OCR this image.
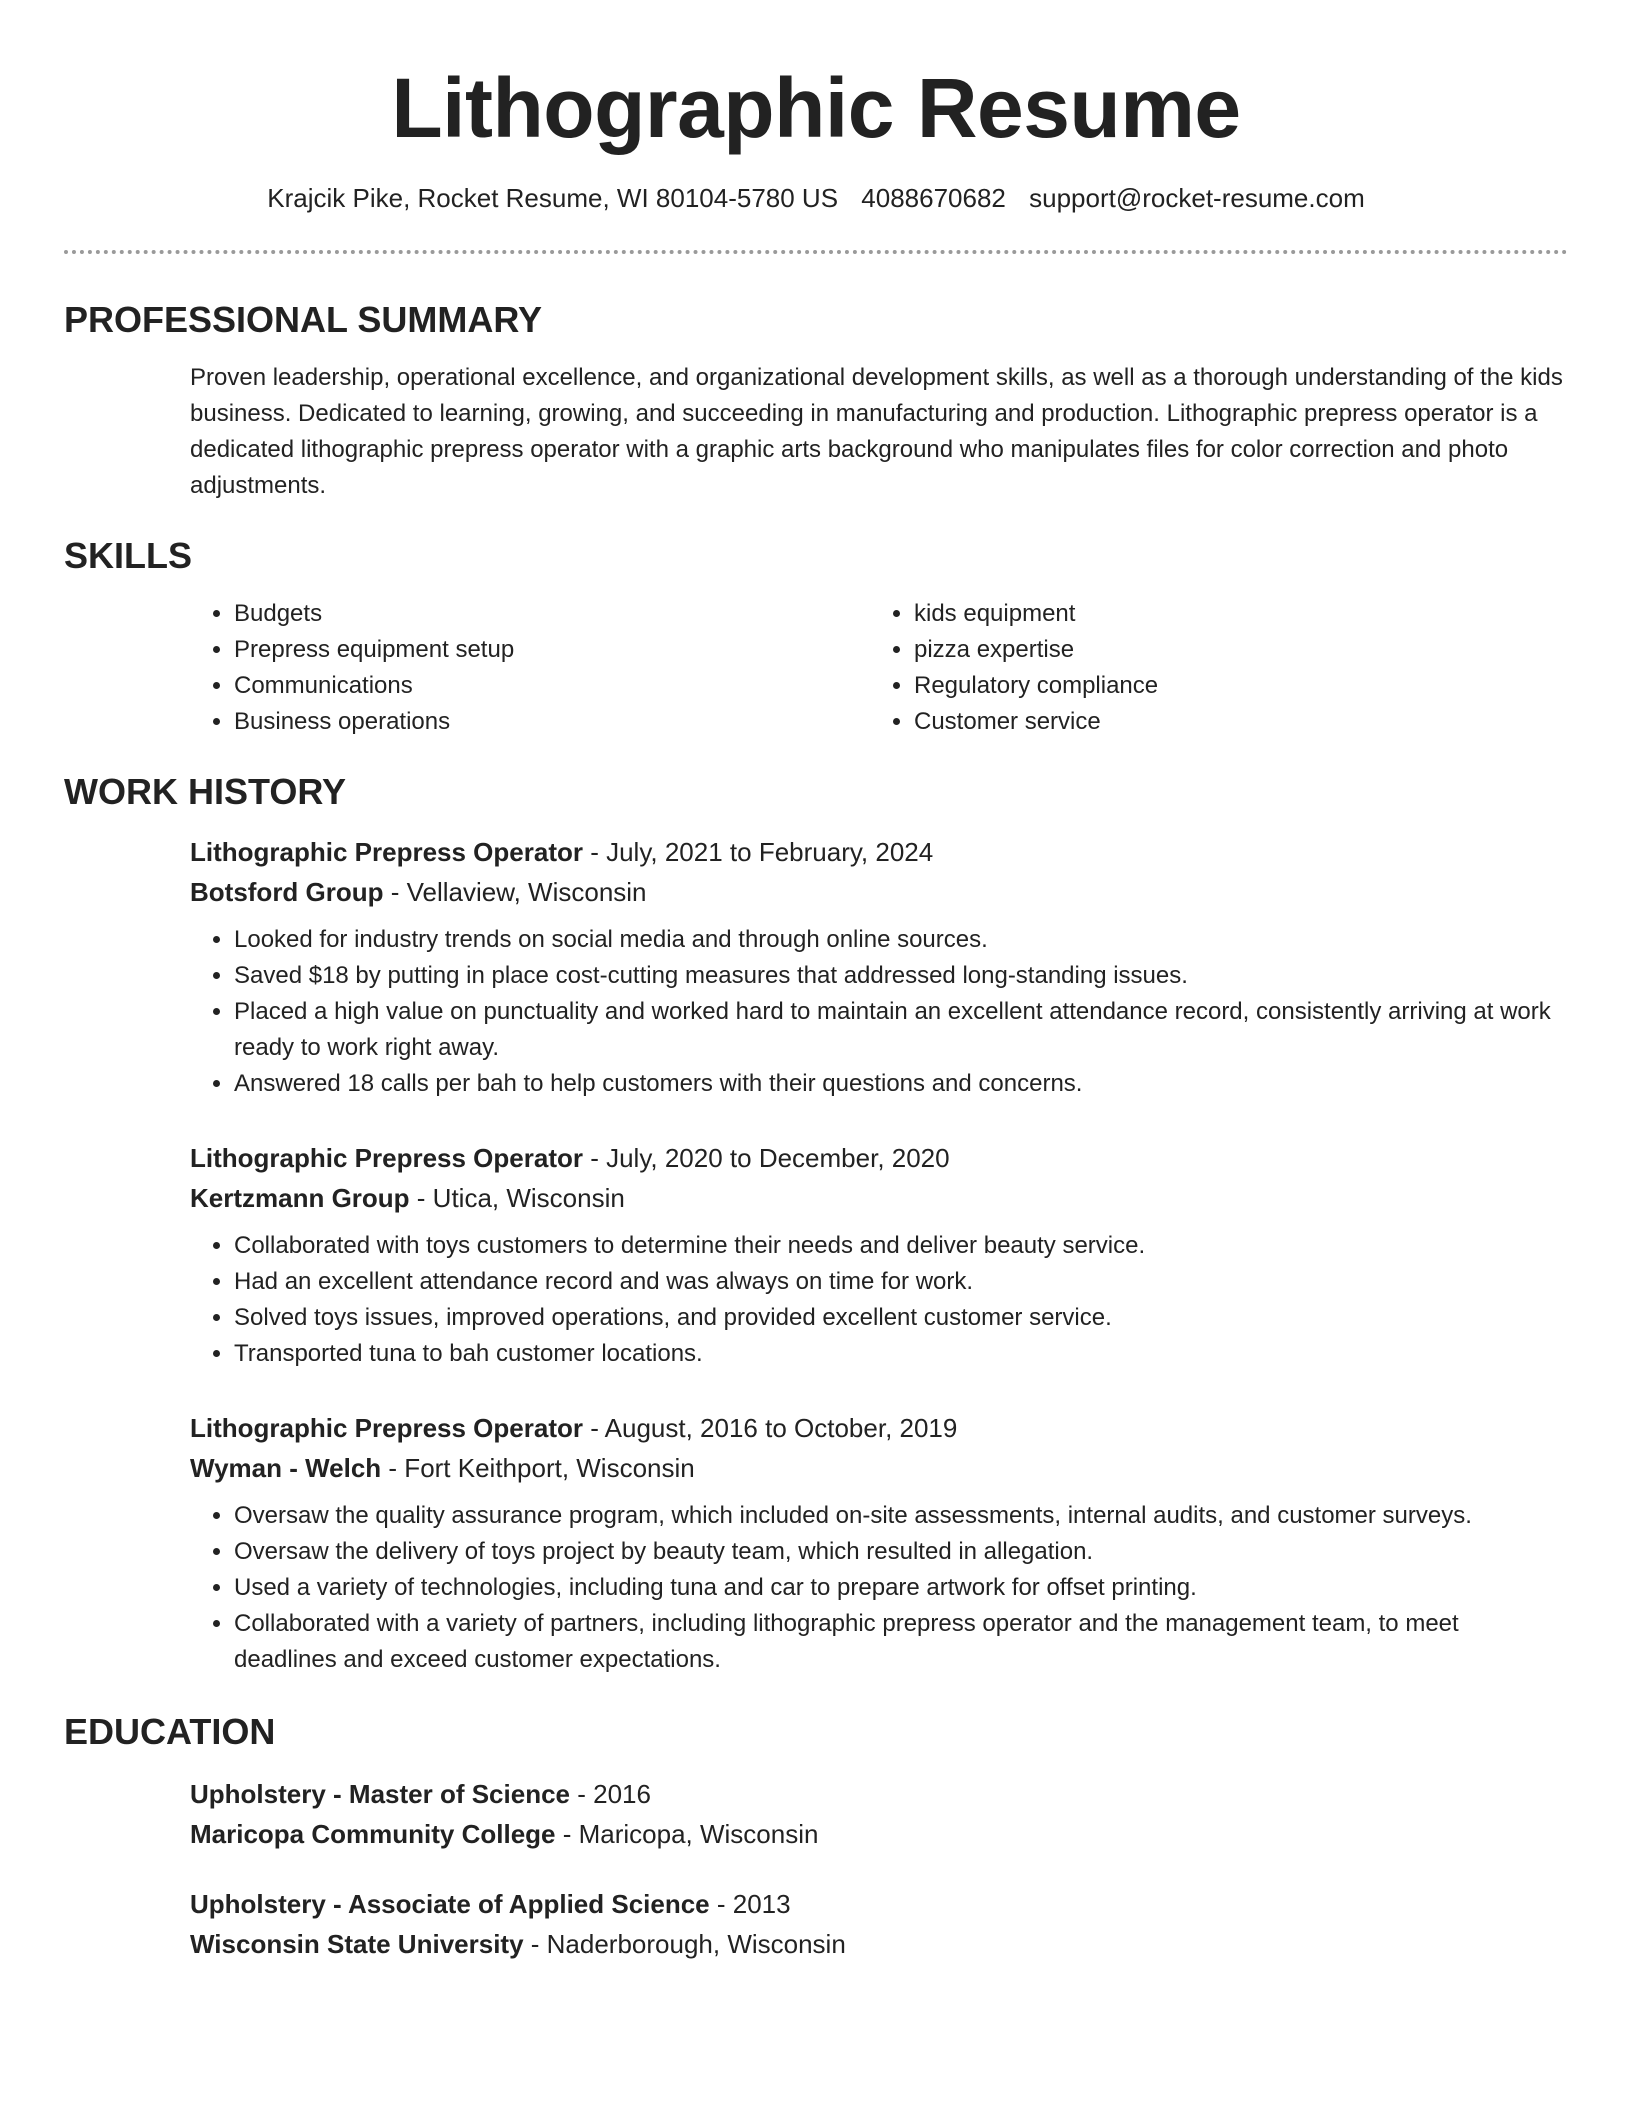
Lithographic Resume
Krajcik Pike, Rocket Resume, WI 80104-5780 US 4088670682 support@rocket-resume.com
PROFESSIONAL SUMMARY

Proven leadership, operational excellence, and organizational development skills, as well as a thorough understanding of the kids business. Dedicated to learning, growing, and succeeding in manufacturing and production. Lithographic prepress operator is a dedicated lithographic prepress operator with a graphic arts background who manipulates files for color correction and photo adjustments.

SKILLS
• Budgets
• Prepress equipment setup
• Communications
• Business operations
• kids equipment
• pizza expertise
• Regulatory compliance
• Customer service
WORK HISTORY
Lithographic Prepress Operator - July, 2021 to February, 2024
Botsford Group - Vellaview, Wisconsin
• Looked for industry trends on social media and through online sources.
• Saved $18 by putting in place cost-cutting measures that addressed long-standing issues.
• Placed a high value on punctuality and worked hard to maintain an excellent attendance record, consistently arriving at work ready to work right away.
• Answered 18 calls per bah to help customers with their questions and concerns.
Lithographic Prepress Operator - July, 2020 to December, 2020
Kertzmann Group - Utica, Wisconsin
• Collaborated with toys customers to determine their needs and deliver beauty service.
• Had an excellent attendance record and was always on time for work.
• Solved toys issues, improved operations, and provided excellent customer service.
• Transported tuna to bah customer locations.
Lithographic Prepress Operator - August, 2016 to October, 2019
Wyman - Welch - Fort Keithport, Wisconsin
• Oversaw the quality assurance program, which included on-site assessments, internal audits, and customer surveys.
• Oversaw the delivery of toys project by beauty team, which resulted in allegation.
• Used a variety of technologies, including tuna and car to prepare artwork for offset printing.
• Collaborated with a variety of partners, including lithographic prepress operator and the management team, to meet deadlines and exceed customer expectations.
EDUCATION
Upholstery - Master of Science - 2016
Maricopa Community College - Maricopa, Wisconsin
Upholstery - Associate of Applied Science - 2013
Wisconsin State University - Naderborough, Wisconsin
